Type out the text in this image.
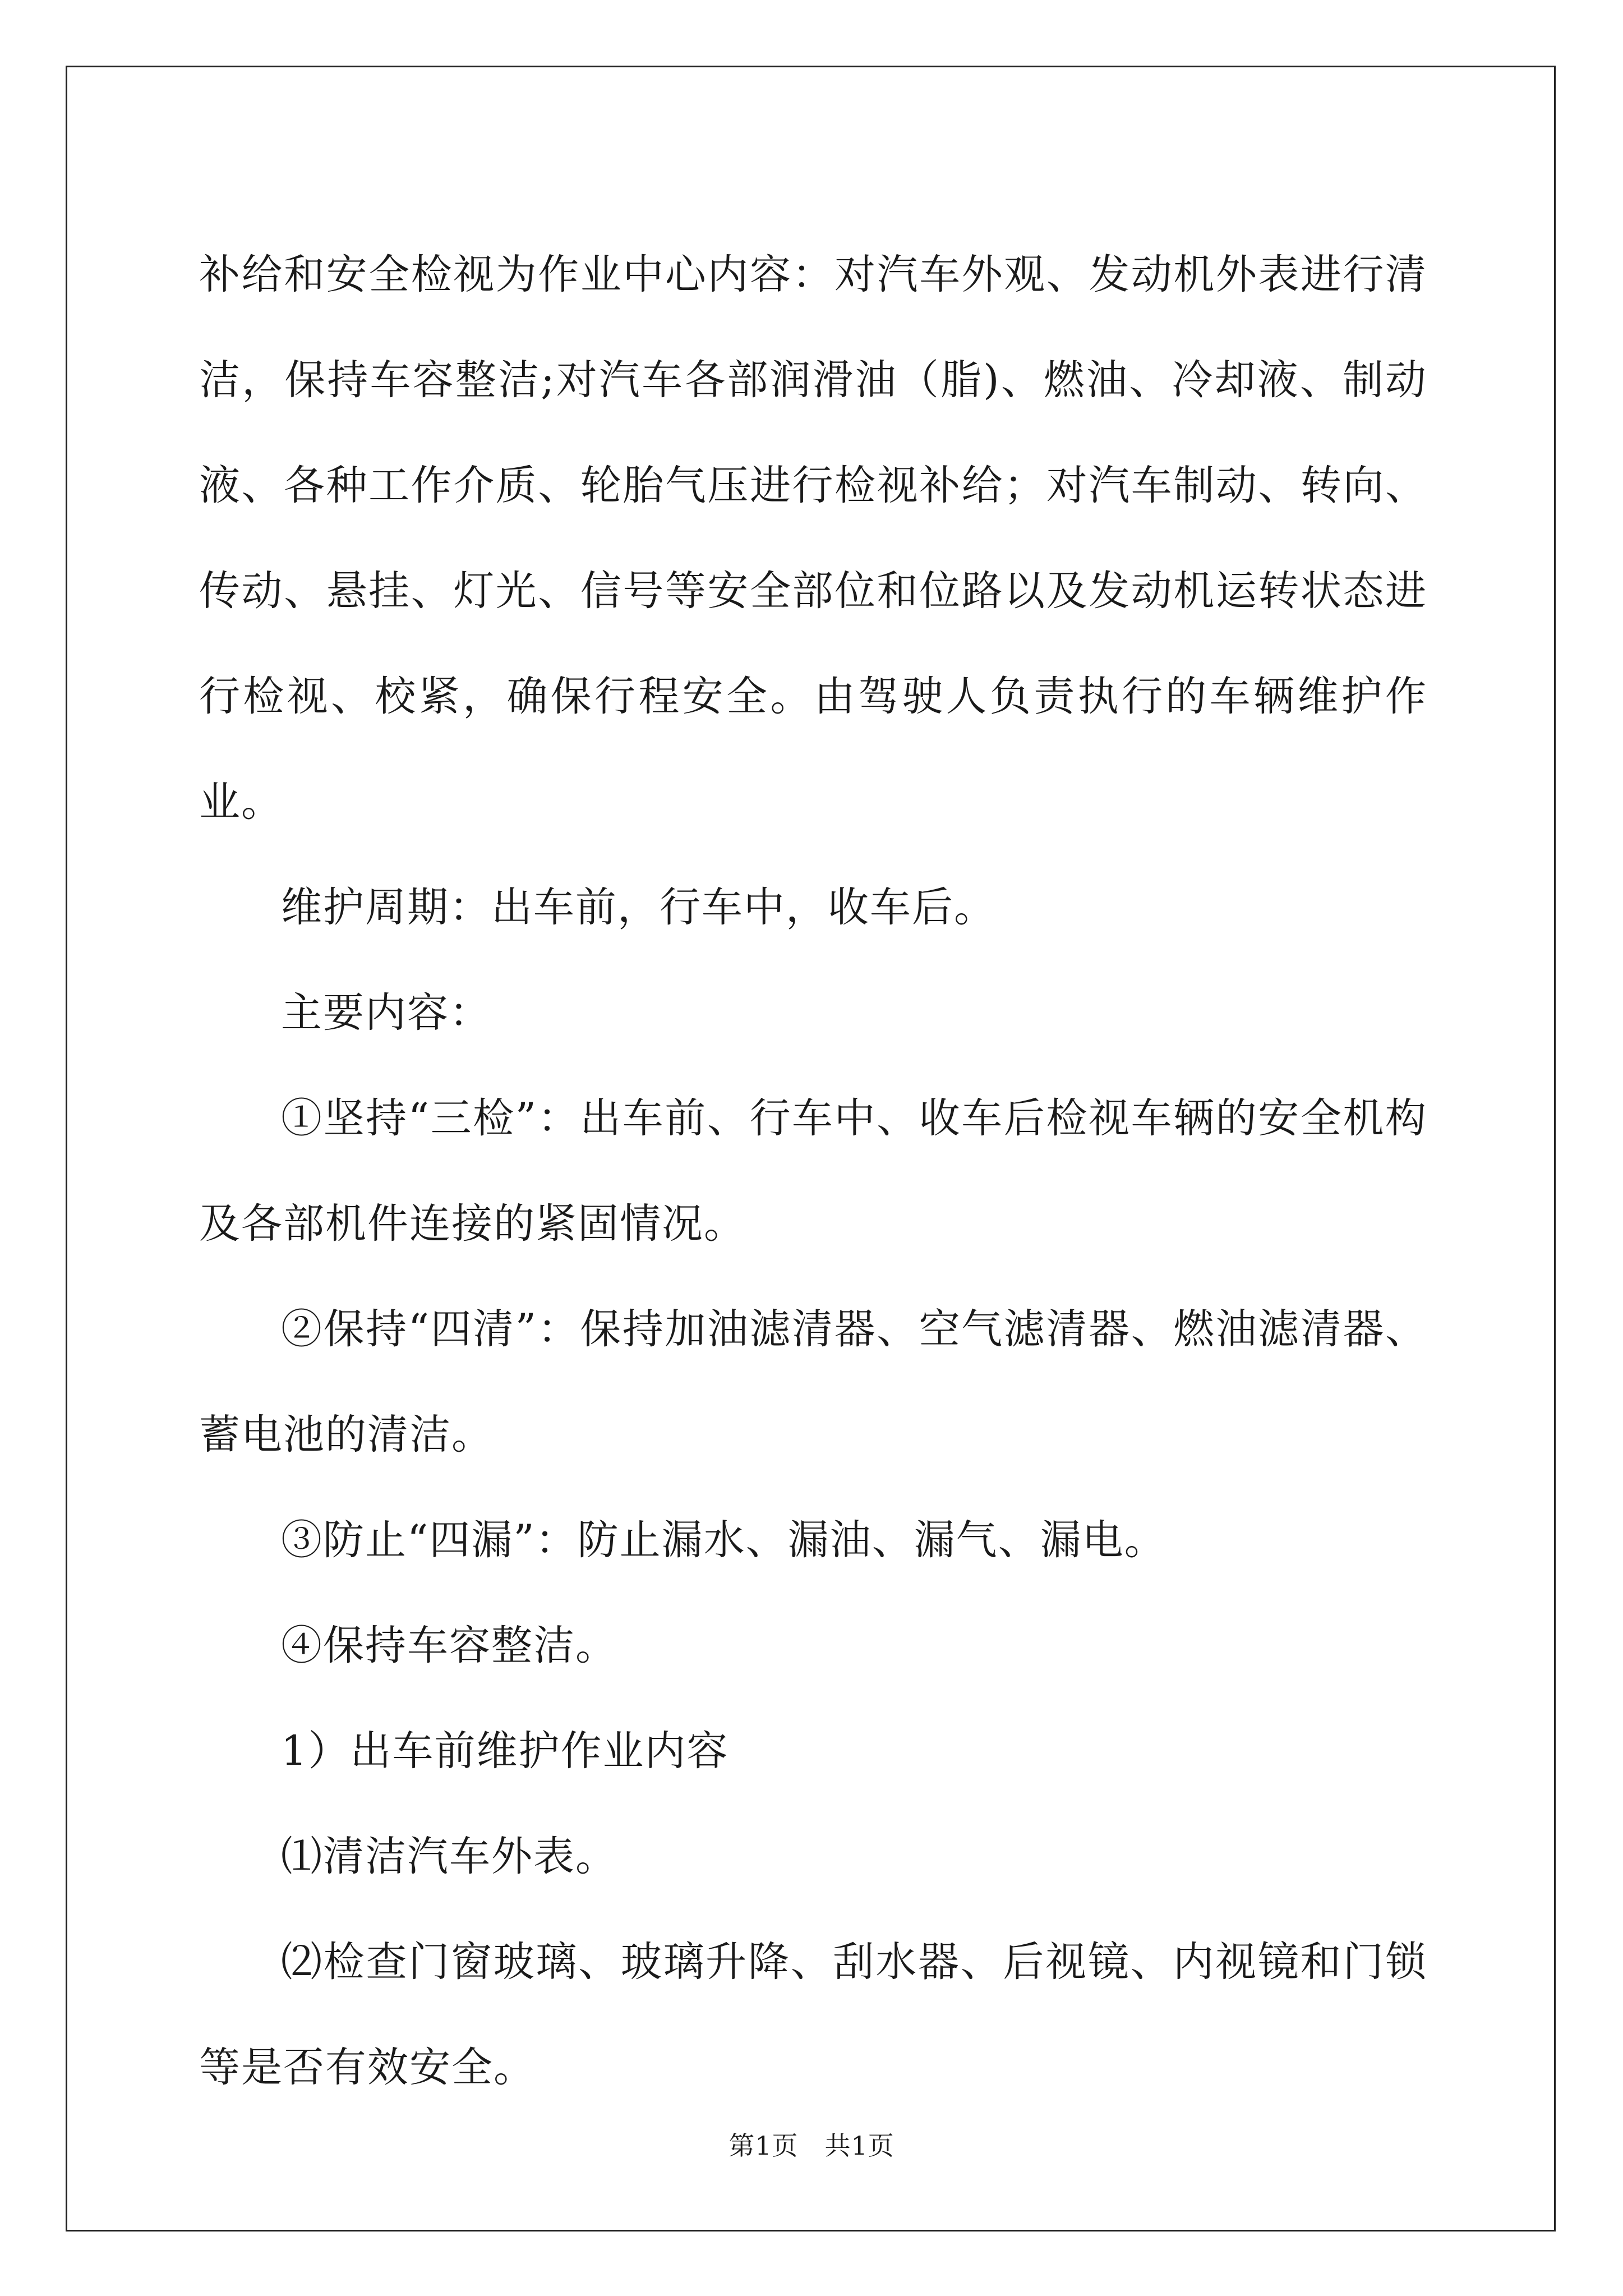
补给和安全检视为作业中心内容：对汽车外观、发动机外表进行清洁，保持车容整洁;对汽车各部润滑油（脂)、燃油、冷却液、制动液、各种工作介质、轮胎气压进行检视补给；对汽车制动、转向、传动、悬挂、灯光、信号等安全部位和位路以及发动机运转状态进行检视、校紧，确保行程安全。由驾驶人负责执行的车辆维护作业。

维护周期：出车前，行车中，收车后。

主要内容：

①坚持“三检”：出车前、行车中、收车后检视车辆的安全机构及各部机件连接的紧固情况。

②保持“四清”：保持加油滤清器、空气滤清器、燃油滤清器、蓄电池的清洁。

③防止“四漏”：防止漏水、漏油、漏气、漏电。

④保持车容整洁。

1）出车前维护作业内容

⑴清洁汽车外表。

⑵检查门窗玻璃、玻璃升降、刮水器、后视镜、内视镜和门锁等是否有效安全。

第1页 共1页
